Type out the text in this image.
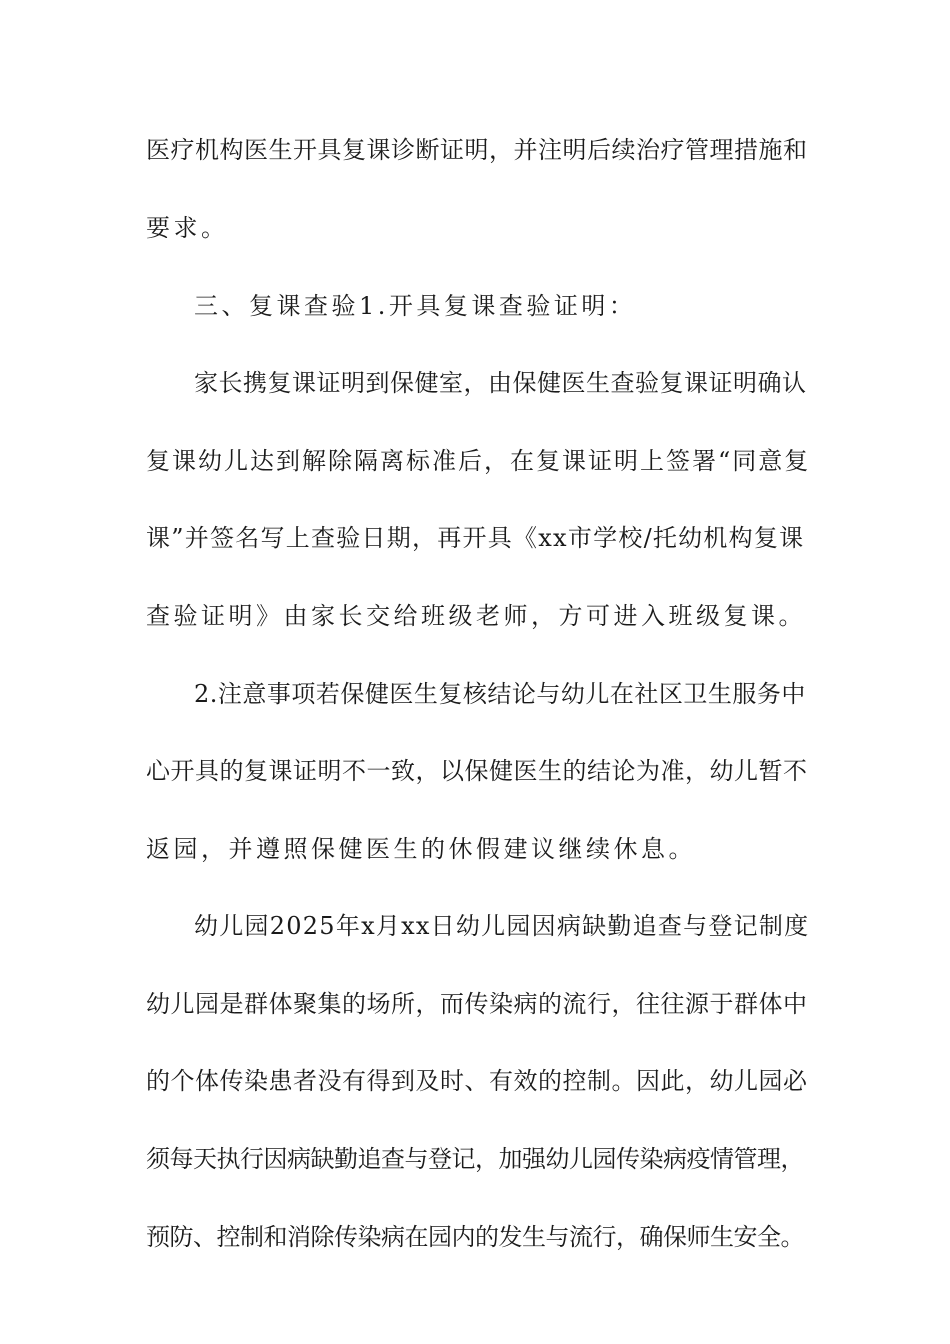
医疗机构医生开具复课诊断证明，并注明后续治疗管理措施和
要求。
三、复课查验1.开具复课查验证明：
家长携复课证明到保健室，由保健医生查验复课证明确认
复课幼儿达到解除隔离标准后，在复课证明上签署“同意复
课”并签名写上查验日期，再开具《xx市学校/托幼机构复课
查验证明》由家长交给班级老师，方可进入班级复课。
2.注意事项若保健医生复核结论与幼儿在社区卫生服务中
心开具的复课证明不一致，以保健医生的结论为准，幼儿暂不
返园，并遵照保健医生的休假建议继续休息。
幼儿园2025年x月xx日幼儿园因病缺勤追查与登记制度
幼儿园是群体聚集的场所，而传染病的流行，往往源于群体中
的个体传染患者没有得到及时、有效的控制。因此，幼儿园必
须每天执行因病缺勤追查与登记，加强幼儿园传染病疫情管理，
预防、控制和消除传染病在园内的发生与流行，确保师生安全。
